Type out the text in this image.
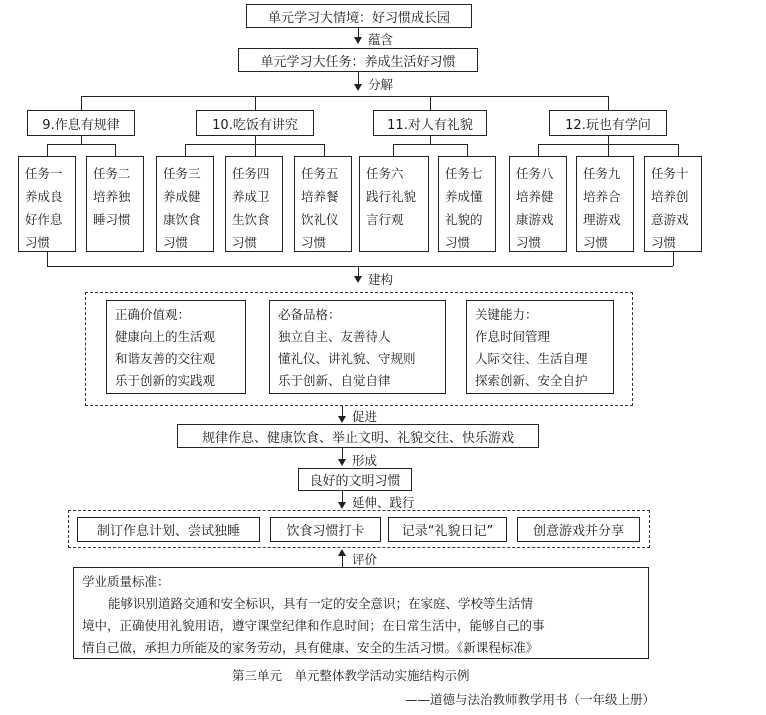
单元学习大情境：好习惯成长园
蕴含
单元学习大任务：养成生活好习惯
分解
9.作息有规律	10.吃饭有讲究	11.对人有礼貌	12.玩也有学问
任务一
养成良
好作息
习惯
任务二
培养独
睡习惯
任务三
养成健
康饮食
习惯
任务四
养成卫
生饮食
习惯
任务五
培养餐
饮礼仪
习惯
任务六
践行礼貌
言行观
任务七
养成懂
礼貌的
习惯
任务八
培养健
康游戏
习惯
任务九
培养合
理游戏
习惯
任务十
培养创
意游戏
习惯
建构
正确价值观：
健康向上的生活观
和谐友善的交往观
乐于创新的实践观
必备品格：
独立自主、友善待人
懂礼仪、讲礼貌、守规则
乐于创新、自觉自律
关键能力：
作息时间管理
人际交往、生活自理
探索创新、安全自护
促进
规律作息、健康饮食、举止文明、礼貌交往、快乐游戏
形成
良好的文明习惯
延伸、践行
制订作息计划、尝试独睡	饮食习惯打卡	记录“礼貌日记”	创意游戏并分享
评价
学业质量标准：
能够识别道路交通和安全标识，具有一定的安全意识；在家庭、学校等生活情
境中，正确使用礼貌用语，遵守课堂纪律和作息时间；在日常生活中，能够自己的事
情自己做，承担力所能及的家务劳动，具有健康、安全的生活习惯。《新课程标准》
第三单元　单元整体教学活动实施结构示例
——道德与法治教师教学用书（一年级上册）
